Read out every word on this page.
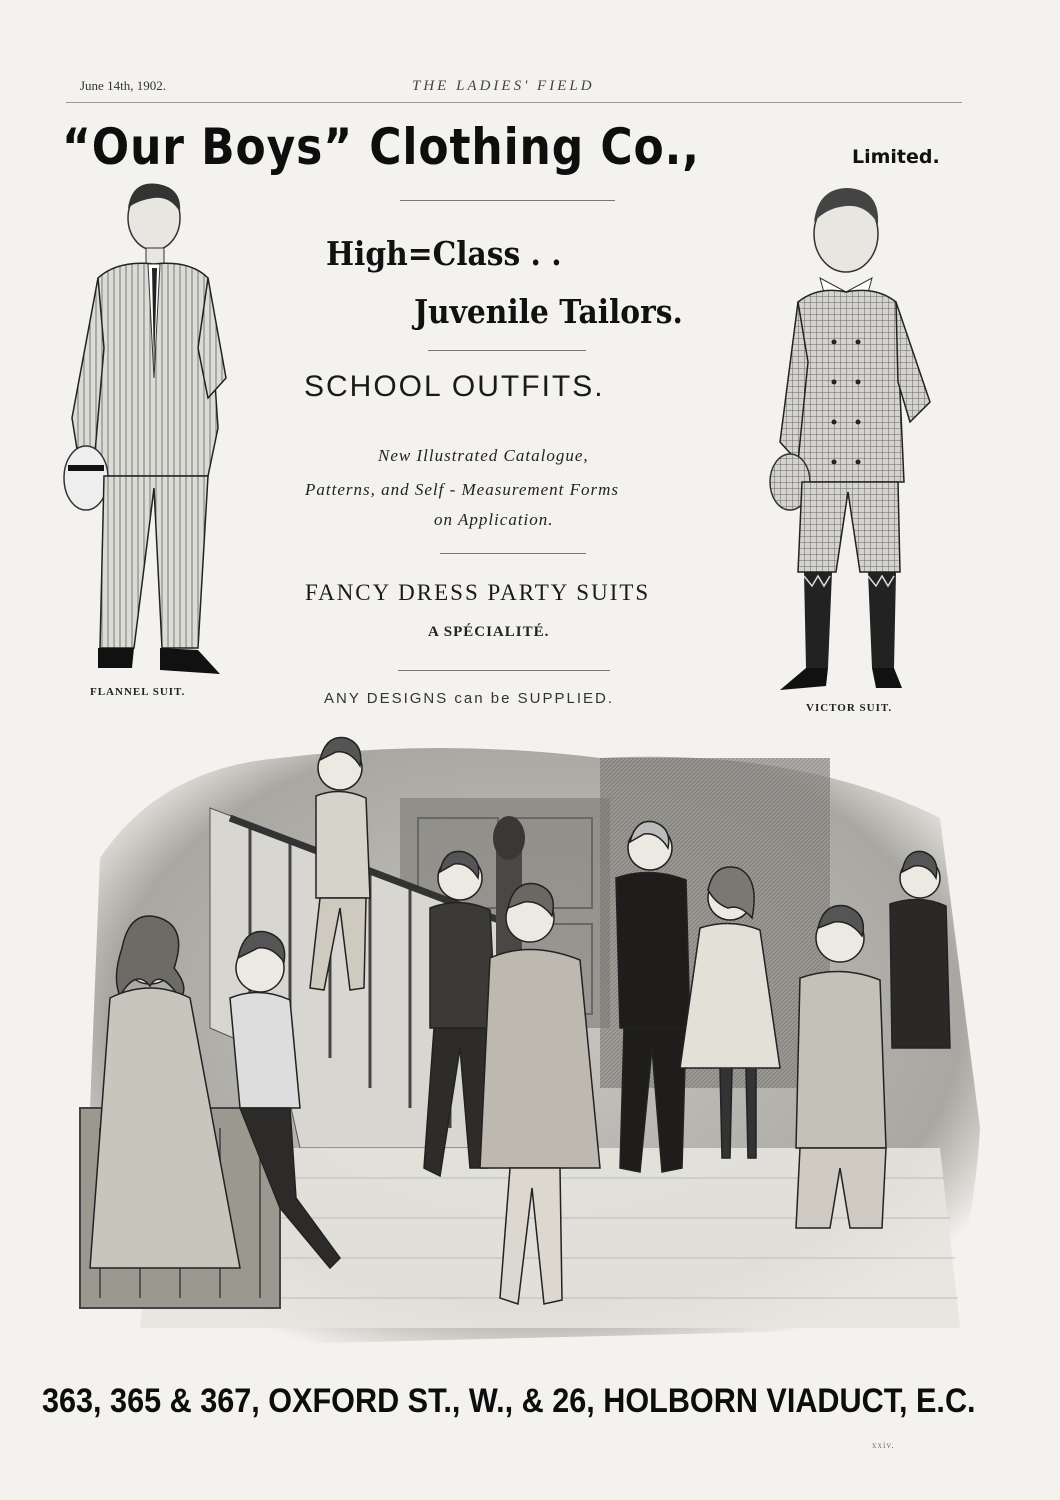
June 14th, 1902.	THE LADIES' FIELD
“Our Boys” Clothing Co.,	Limited.
High=Class . .
Juvenile Tailors.
SCHOOL OUTFITS.
New Illustrated Catalogue,
Patterns, and Self - Measurement Forms
on Application.
FANCY DRESS PARTY SUITS
A SPÉCIALITÉ.
ANY DESIGNS can be SUPPLIED.
FLANNEL SUIT.
VICTOR SUIT.
363, 365 & 367, OXFORD ST., W., & 26, HOLBORN VIADUCT, E.C.
xxiv.
